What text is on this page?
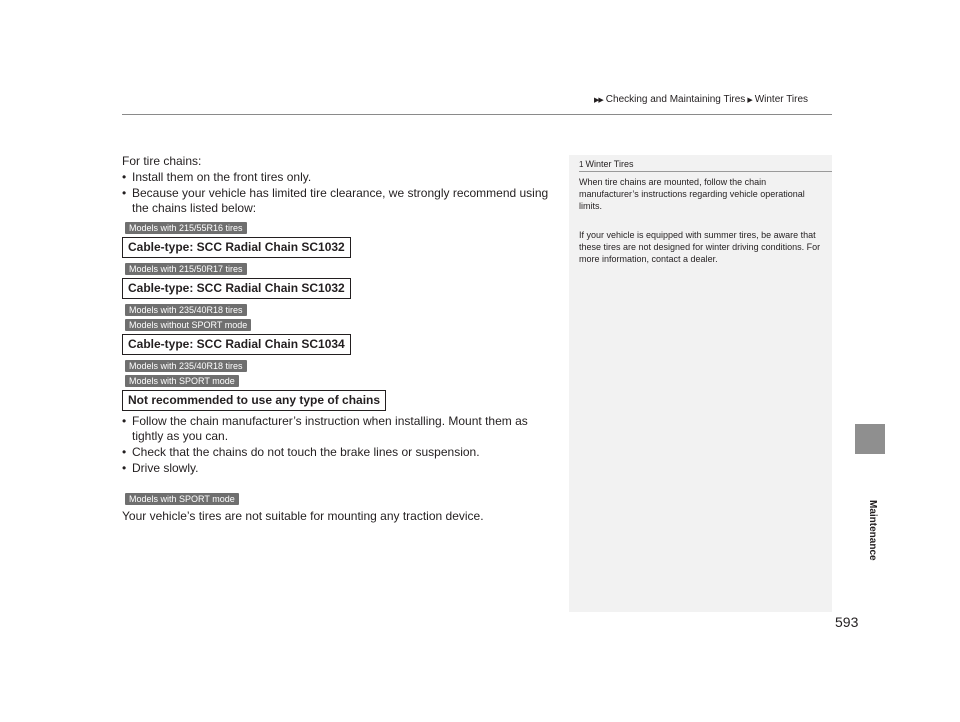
▶▶ Checking and Maintaining Tires ▶ Winter Tires
Maintenance
For tire chains:
• Install them on the front tires only.
• Because your vehicle has limited tire clearance, we strongly recommend using the chains listed below:
Models with 215/55R16 tires
Cable-type: SCC Radial Chain SC1032
Models with 215/50R17 tires
Cable-type: SCC Radial Chain SC1032
Models with 235/40R18 tires
Models without SPORT mode
Cable-type: SCC Radial Chain SC1034
Models with 235/40R18 tires
Models with SPORT mode
Not recommended to use any type of chains
• Follow the chain manufacturer’s instruction when installing. Mount them as tightly as you can.
• Check that the chains do not touch the brake lines or suspension.
• Drive slowly.
Models with SPORT mode
Your vehicle’s tires are not suitable for mounting any traction device.
1 Winter Tires
When tire chains are mounted, follow the chain manufacturer’s instructions regarding vehicle operational limits.
If your vehicle is equipped with summer tires, be aware that these tires are not designed for winter driving conditions. For more information, contact a dealer.
593
